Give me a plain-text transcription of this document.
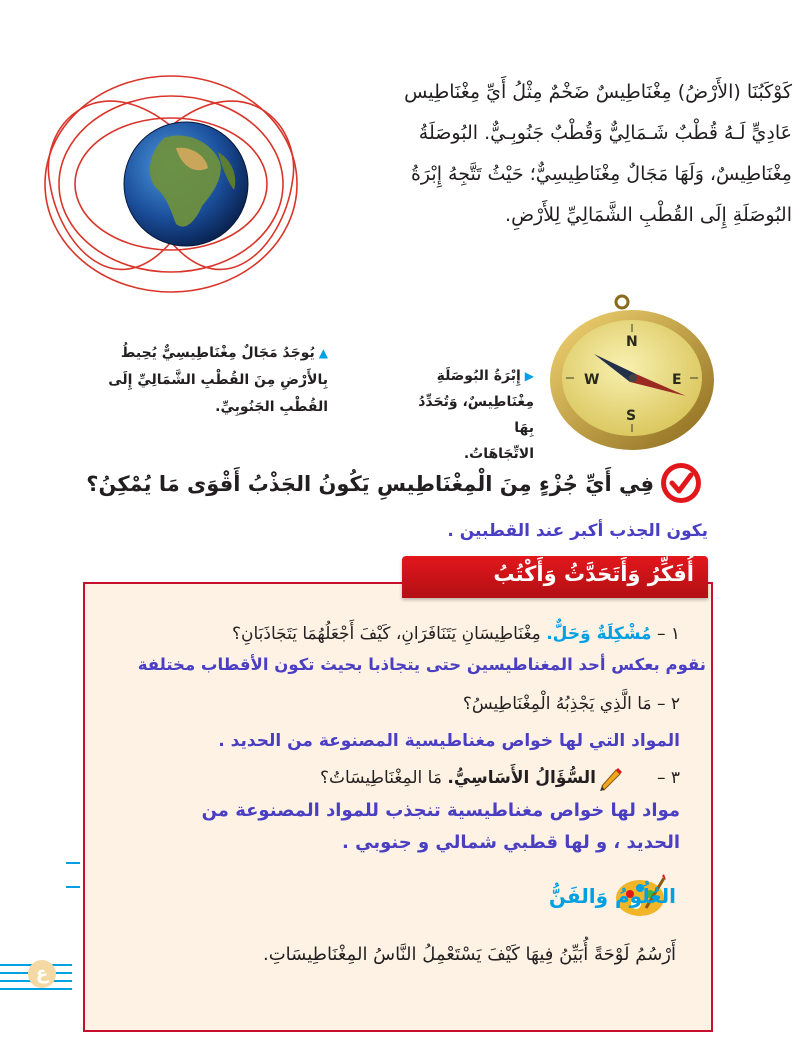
كَوْكَبُنَا (الأَرْضُ) مِغْنَاطِيسٌ ضَخْمٌ مِثْلُ أَيِّ مِغْنَاطِيس
عَادِيٍّ لَـهُ قُطْبٌ شَـمَالِيٌّ وَقُطْبٌ جَنُوبِـيٌّ. البُوصَلَةُ
مِغْنَاطِيسٌ، وَلَهَا مَجَالٌ مِغْنَاطِيسِيٌّ؛ حَيْثُ تَتَّجِهُ إِبْرَةُ
البُوصَلَةِ إِلَى القُطْبِ الشَّمَالِيِّ لِلأَرْضِ.
▲يُوجَدُ مَجَالٌ مِغْنَاطِيسِيٌّ يُحِيطُ
بِالأَرْضِ مِنَ القُطْبِ الشَّمَالِيِّ إِلَى
القُطْبِ الجَنُوبِيِّ.
N
E
S
W
▶إِبْرَةُ البُوصَلَةِ
مِغْنَاطِيسٌ، وَتُحَدِّدُ بِهَا
الاتِّجَاهَاتُ.
فِي أَيِّ جُزْءٍ مِنَ الْمِغْنَاطِيسِ يَكُونُ الجَذْبُ أَقْوَى مَا يُمْكِنُ؟
يكون الجذب أكبر عند القطبين .
أُفَكِّرُ وَأَتَحَدَّثُ وَأَكْتُبُ
١ – مُشْكِلَةٌ وَحَلٌّ. مِغْنَاطِيسَانِ يَتَنَافَرَانِ، كَيْفَ أَجْعَلُهُمَا يَتَجَاذَبَانِ؟
نقوم بعكس أحد المغناطيسين حتى يتجاذبا بحيث تكون الأقطاب مختلفة
٢ – مَا الَّذِي يَجْذِبُهُ الْمِغْنَاطِيسُ؟
المواد التي لها خواص مغناطيسية المصنوعة من الحديد .
السُّؤَالُ الأَسَاسِيُّ. مَا المِغْنَاطِيسَاتُ؟	٣ –
مواد لها خواص مغناطيسية تنجذب للمواد المصنوعة من
الحديد ، و لها قطبي شمالي و جنوبي .
العُلُومُ وَالفَنُّ
أَرْسُمُ لَوْحَةً أُبَيِّنُ فِيهَا كَيْفَ يَسْتَعْمِلُ النَّاسُ المِغْنَاطِيسَاتِ.
ع
